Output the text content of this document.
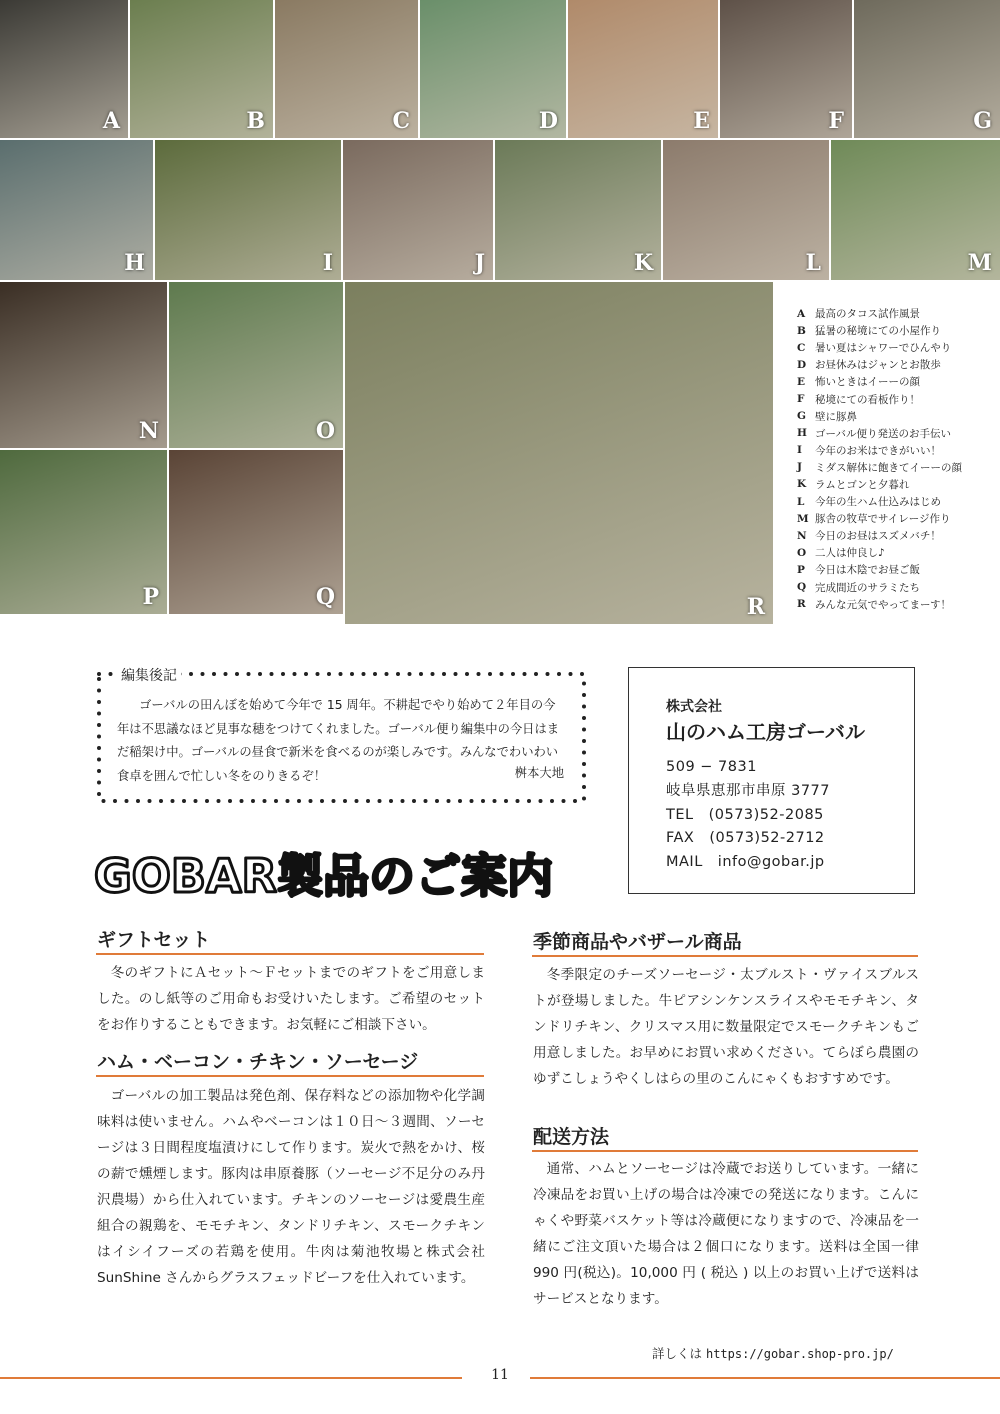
A	B	C	D	E	F	G
H	I	J	K	L	M
N	O
P	Q	R
A 最高のタコス試作風景
B 猛暑の秘境にての小屋作り
C 暑い夏はシャワーでひんやり
D お昼休みはジャンとお散歩
E 怖いときはイーーの顔
F	秘境にての看板作り！
G 壁に豚鼻
H ゴーバル便り発送のお手伝い
I	今年のお米はできがいい！
J	ミダス解体に飽きてイーーの顔
K ラムとゴンと夕暮れ
L	今年の生ハム仕込みはじめ
M 豚舎の牧草でサイレージ作り
N 今日のお昼はスズメバチ！
O 二人は仲良し♪
P 今日は木陰でお昼ご飯
Q 完成間近のサラミたち
R みんな元気でやってまーす！
編集後記
ゴーバルの田んぼを始めて今年で 15 周年。不耕起でやり始めて２年目の今年は不思議なほど見事な穂をつけてくれました。ゴーバル便り編集中の今日はまだ稲架け中。ゴーバルの昼食で新米を食べるのが楽しみです。みんなでわいわい食卓を囲んで忙しい冬をのりきるぞ！	桝本大地
株式会社
山のハム工房ゴーバル
509 − 7831
岐阜県恵那市串原 3777
TEL　(0573)52-2085
FAX　(0573)52-2712
MAIL　info@gobar.jp
GOBAR製品のご案内
ギフトセット
冬のギフトにＡセット〜Ｆセットまでのギフトをご用意しました。のし紙等のご用命もお受けいたします。ご希望のセットをお作りすることもできます。お気軽にご相談下さい。
ハム・ベーコン・チキン・ソーセージ
ゴーバルの加工製品は発色剤、保存料などの添加物や化学調味料は使いません。ハムやベーコンは１０日〜３週間、ソーセージは３日間程度塩漬けにして作ります。炭火で熱をかけ、桜の薪で燻煙します。豚肉は串原養豚（ソーセージ不足分のみ丹沢農場）から仕入れています。チキンのソーセージは愛農生産組合の親鶏を、モモチキン、タンドリチキン、スモークチキンはイシイフーズの若鶏を使用。牛肉は菊池牧場と株式会社 SunShine さんからグラスフェッドビーフを仕入れています。
季節商品やバザール商品
冬季限定のチーズソーセージ・太ブルスト・ヴァイスブルストが登場しました。牛ピアシンケンスライスやモモチキン、タンドリチキン、クリスマス用に数量限定でスモークチキンもご用意しました。お早めにお買い求めください。てらぼら農園のゆずこしょうやくしはらの里のこんにゃくもおすすめです。
配送方法
通常、ハムとソーセージは冷蔵でお送りしています。一緒に冷凍品をお買い上げの場合は冷凍での発送になります。こんにゃくや野菜バスケット等は冷蔵便になりますので、冷凍品を一緒にご注文頂いた場合は２個口になります。送料は全国一律 990 円(税込)。10,000 円 ( 税込 ) 以上のお買い上げで送料はサービスとなります。
詳しくは https://gobar.shop-pro.jp/
11
